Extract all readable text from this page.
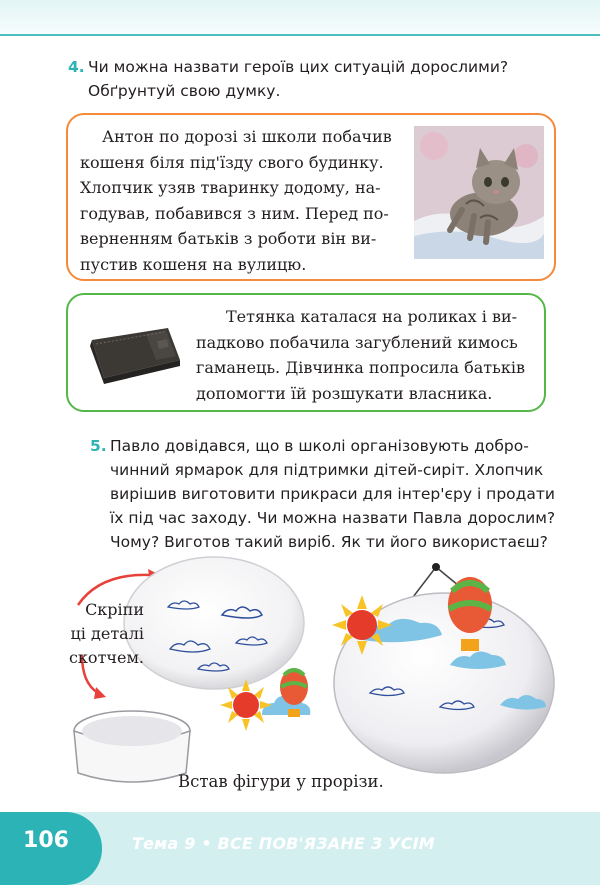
4. Чи можна назвати героїв цих ситуацій дорослими?
Обґрунтуй свою думку.
Антон по дорозі зі школи побачив
кошеня біля під'їзду свого будинку.
Хлопчик узяв тваринку додому, на-
годував, побавився з ним. Перед по-
верненням батьків з роботи він ви-
пустив кошеня на вулицю.
Тетянка каталася на роликах і ви-
падково побачила загублений кимось
гаманець. Дівчинка попросила батьків
допомогти їй розшукати власника.
5. Павло довідався, що в школі організовують добро-
чинний ярмарок для підтримки дітей-сиріт. Хлопчик
вирішив виготовити прикраси для інтер'єру і продати
їх під час заходу. Чи можна назвати Павла дорослим?
Чому? Виготов такий виріб. Як ти його використаєш?
Скріпи
ці деталі
скотчем.
Встав фігури у прорізи.
106	Тема 9 • ВСЕ ПОВ'ЯЗАНЕ З УСІМ
